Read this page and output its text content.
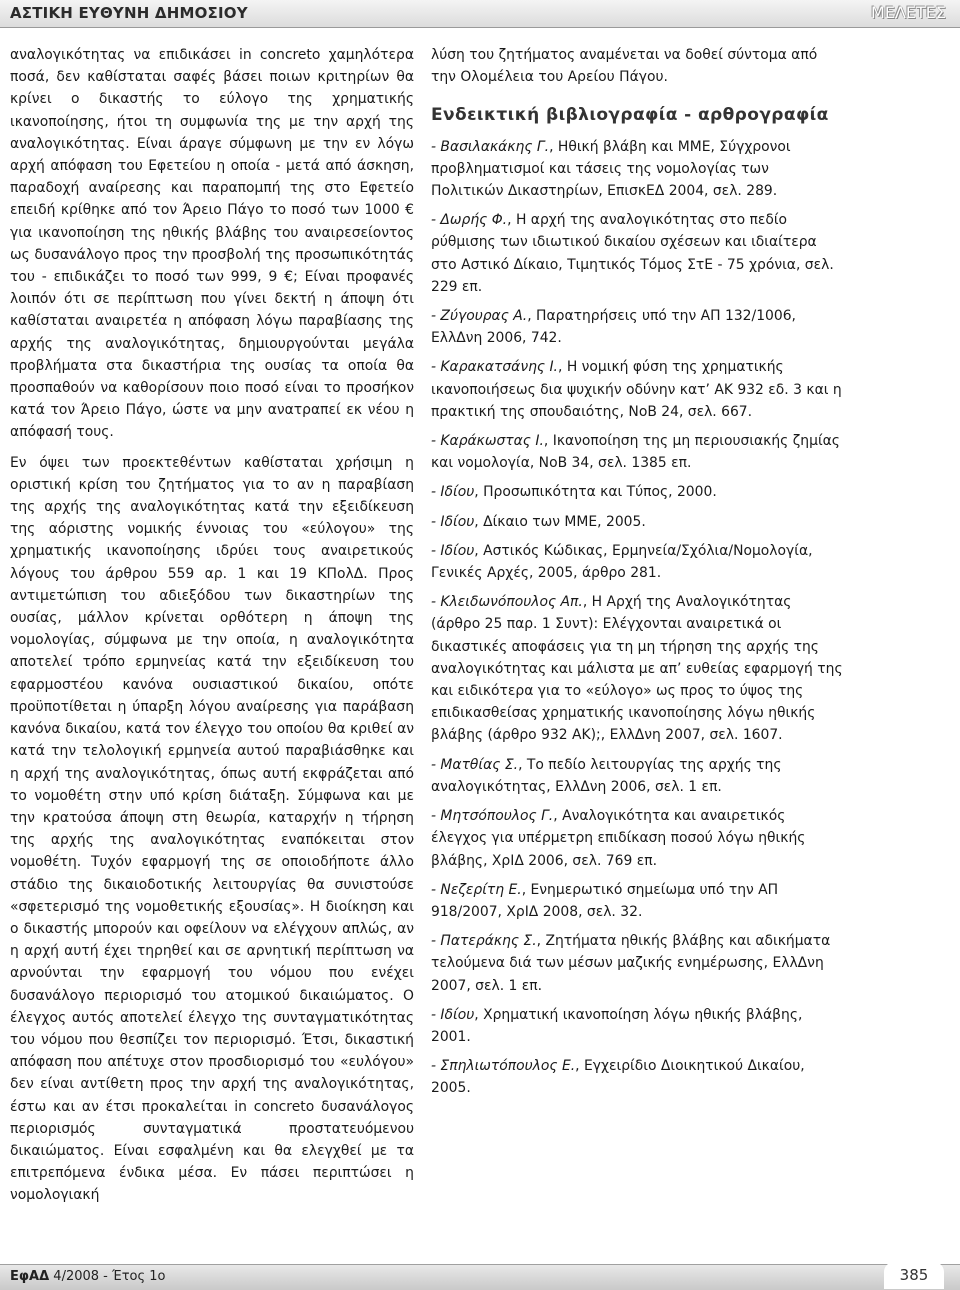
ΑΣΤΙΚΗ ΕΥΘΥΝΗ ΔΗΜΟΣΙΟΥ	ΜΕΛΕΤΕΣ

αναλογικότητας να επιδικάσει in concreto χαμηλότερα ποσά, δεν καθίσταται σαφές βάσει ποιων κριτηρίων θα κρίνει ο δικαστής το εύλογο της χρηματικής ικανοποίησης, ήτοι τη συμφωνία της με την αρχή της αναλογικότητας. Είναι άραγε σύμφωνη με την εν λόγω αρχή απόφαση του Εφετείου η οποία - μετά από άσκηση, παραδοχή αναίρεσης και παραπομπή της στο Εφετείο επειδή κρίθηκε από τον Άρειο Πάγο το ποσό των 1000 € για ικανοποίηση της ηθικής βλάβης του αναιρεσείοντος ως δυσανάλογο προς την προσβολή της προσωπικότητάς του - επιδικάζει το ποσό των 999, 9 €; Είναι προφανές λοιπόν ότι σε περίπτωση που γίνει δεκτή η άποψη ότι καθίσταται αναιρετέα η απόφαση λόγω παραβίασης της αρχής της αναλογικότητας, δημιουργούνται μεγάλα προβλήματα στα δικαστήρια της ουσίας τα οποία θα προσπαθούν να καθορίσουν ποιο ποσό είναι το προσήκον κατά τον Άρειο Πάγο, ώστε να μην ανατραπεί εκ νέου η απόφασή τους.

Εν όψει των προεκτεθέντων καθίσταται χρήσιμη η οριστική κρίση του ζητήματος για το αν η παραβίαση της αρχής της αναλογικότητας κατά την εξειδίκευση της αόριστης νομικής έννοιας του «εύλογου» της χρηματικής ικανοποίησης ιδρύει τους αναιρετικούς λόγους του άρθρου 559 αρ. 1 και 19 ΚΠολΔ. Προς αντιμετώπιση του αδιεξόδου των δικαστηρίων της ουσίας, μάλλον κρίνεται ορθότερη η άποψη της νομολογίας, σύμφωνα με την οποία, η αναλογικότητα αποτελεί τρόπο ερμηνείας κατά την εξειδίκευση του εφαρμοστέου κανόνα ουσιαστικού δικαίου, οπότε προϋποτίθεται η ύπαρξη λόγου αναίρεσης για παράβαση κανόνα δικαίου, κατά τον έλεγχο του οποίου θα κριθεί αν κατά την τελολογική ερμηνεία αυτού παραβιάσθηκε και η αρχή της αναλογικότητας, όπως αυτή εκφράζεται από το νομοθέτη στην υπό κρίση διάταξη. Σύμφωνα και με την κρατούσα άποψη στη θεωρία, καταρχήν η τήρηση της αρχής της αναλογικότητας εναπόκειται στον νομοθέτη. Τυχόν εφαρμογή της σε οποιοδήποτε άλλο στάδιο της δικαιοδοτικής λειτουργίας θα συνιστούσε «σφετερισμό της νομοθετικής εξουσίας». Η διοίκηση και ο δικαστής μπορούν και οφείλουν να ελέγχουν απλώς, αν η αρχή αυτή έχει τηρηθεί και σε αρνητική περίπτωση να αρνούνται την εφαρμογή του νόμου που ενέχει δυσανάλογο περιορισμό του ατομικού δικαιώματος. Ο έλεγχος αυτός αποτελεί έλεγχο της συνταγματικότητας του νόμου που θεσπίζει τον περιορισμό. Έτσι, δικαστική απόφαση που απέτυχε στον προσδιορισμό του «ευλόγου» δεν είναι αντίθετη προς την αρχή της αναλογικότητας, έστω και αν έτσι προκαλείται in concreto δυσανάλογος περιορισμός συνταγματικά προστατευόμενου δικαιώματος. Είναι εσφαλμένη και θα ελεγχθεί με τα επιτρεπόμενα ένδικα μέσα. Εν πάσει περιπτώσει η νομολογιακή

λύση του ζητήματος αναμένεται να δοθεί σύντομα από την Ολομέλεια του Αρείου Πάγου.

Ενδεικτική βιβλιογραφία - αρθρογραφία

- Βασιλακάκης Γ., Ηθική βλάβη και ΜΜΕ, Σύγχρονοι προβληματισμοί και τάσεις της νομολογίας των Πολιτικών Δικαστηρίων, ΕπισκΕΔ 2004, σελ. 289.

- Δωρής Φ., Η αρχή της αναλογικότητας στο πεδίο ρύθμισης των ιδιωτικού δικαίου σχέσεων και ιδιαίτερα στο Αστικό Δίκαιο, Τιμητικός Τόμος ΣτΕ - 75 χρόνια, σελ. 229 επ.

- Ζύγουρας Α., Παρατηρήσεις υπό την ΑΠ 132/1006, ΕλλΔνη 2006, 742.

- Καρακατσάνης Ι., Η νομική φύση της χρηματικής ικανοποιήσεως δια ψυχικήν οδύνην κατ’ ΑΚ 932 εδ. 3 και η πρακτική της σπουδαιότης, ΝοΒ 24, σελ. 667.

- Καράκωστας Ι., Ικανοποίηση της μη περιουσιακής ζημίας και νομολογία, ΝοΒ 34, σελ. 1385 επ.

- Ιδίου, Προσωπικότητα και Τύπος, 2000.

- Ιδίου, Δίκαιο των ΜΜΕ, 2005.

- Ιδίου, Αστικός Κώδικας, Ερμηνεία/Σχόλια/Νομολογία, Γενικές Αρχές, 2005, άρθρο 281.

- Κλειδωνόπουλος Απ., Η Αρχή της Αναλογικότητας (άρθρο 25 παρ. 1 Συντ): Ελέγχονται αναιρετικά οι δικαστικές αποφάσεις για τη μη τήρηση της αρχής της αναλογικότητας και μάλιστα με απ’ ευθείας εφαρμογή της και ειδικότερα για το «εύλογο» ως προς το ύψος της επιδικασθείσας χρηματικής ικανοποίησης λόγω ηθικής βλάβης (άρθρο 932 ΑΚ);, ΕλλΔνη 2007, σελ. 1607.

- Ματθίας Σ., Το πεδίο λειτουργίας της αρχής της αναλογικότητας, ΕλλΔνη 2006, σελ. 1 επ.

- Μητσόπουλος Γ., Αναλογικότητα και αναιρετικός έλεγχος για υπέρμετρη επιδίκαση ποσού λόγω ηθικής βλάβης, ΧρΙΔ 2006, σελ. 769 επ.

- Νεζερίτη Ε., Ενημερωτικό σημείωμα υπό την ΑΠ 918/2007, ΧρΙΔ 2008, σελ. 32.

- Πατεράκης Σ., Ζητήματα ηθικής βλάβης και αδικήματα τελούμενα διά των μέσων μαζικής ενημέρωσης, ΕλλΔνη 2007, σελ. 1 επ.

- Ιδίου, Χρηματική ικανοποίηση λόγω ηθικής βλάβης, 2001.

- Σπηλιωτόπουλος Ε., Εγχειρίδιο Διοικητικού Δικαίου, 2005.

ΕφΑΔ 4/2008 - Έτος 1ο	385
